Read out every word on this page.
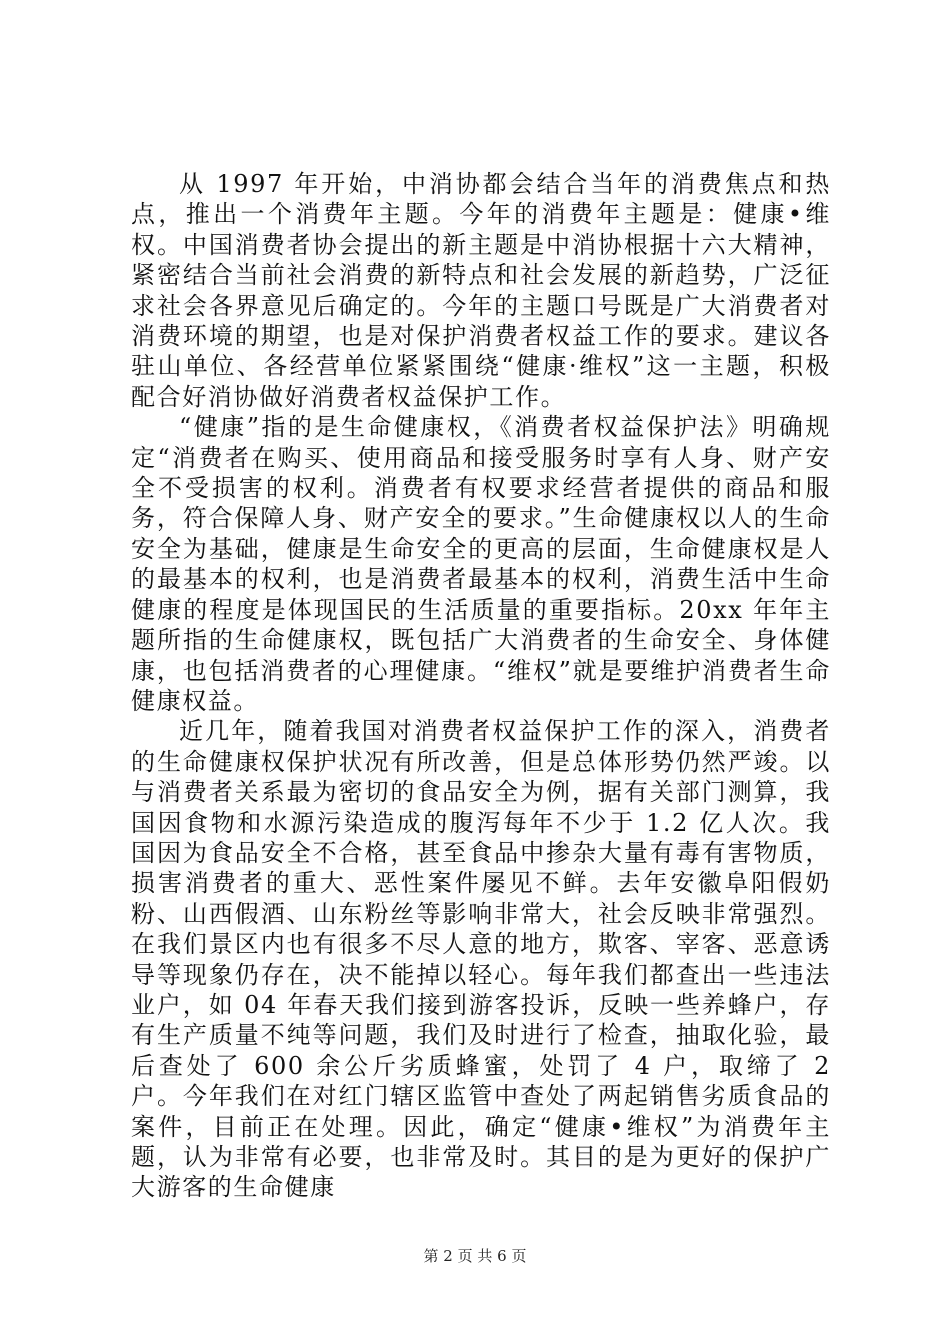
从 1997 年开始，中消协都会结合当年的消费焦点和热点，推出一个消费年主题。今年的消费年主题是：健康•维权。中国消费者协会提出的新主题是中消协根据十六大精神，紧密结合当前社会消费的新特点和社会发展的新趋势，广泛征求社会各界意见后确定的。今年的主题口号既是广大消费者对消费环境的期望，也是对保护消费者权益工作的要求。建议各驻山单位、各经营单位紧紧围绕“健康·维权”这一主题，积极配合好消协做好消费者权益保护工作。

“健康”指的是生命健康权，《消费者权益保护法》明确规定“消费者在购买、使用商品和接受服务时享有人身、财产安全不受损害的权利。消费者有权要求经营者提供的商品和服务，符合保障人身、财产安全的要求。”生命健康权以人的生命安全为基础，健康是生命安全的更高的层面，生命健康权是人的最基本的权利，也是消费者最基本的权利，消费生活中生命健康的程度是体现国民的生活质量的重要指标。20xx 年年主题所指的生命健康权，既包括广大消费者的生命安全、身体健康，也包括消费者的心理健康。“维权”就是要维护消费者生命健康权益。

近几年，随着我国对消费者权益保护工作的深入，消费者的生命健康权保护状况有所改善，但是总体形势仍然严竣。以与消费者关系最为密切的食品安全为例，据有关部门测算，我国因食物和水源污染造成的腹泻每年不少于 1.2 亿人次。我国因为食品安全不合格，甚至食品中掺杂大量有毒有害物质，损害消费者的重大、恶性案件屡见不鲜。去年安徽阜阳假奶粉、山西假酒、山东粉丝等影响非常大，社会反映非常强烈。在我们景区内也有很多不尽人意的地方，欺客、宰客、恶意诱导等现象仍存在，决不能掉以轻心。每年我们都查出一些违法业户，如 04 年春天我们接到游客投诉，反映一些养蜂户，存有生产质量不纯等问题，我们及时进行了检查，抽取化验，最后查处了 600 余公斤劣质蜂蜜，处罚了 4 户，取缔了 2 户。今年我们在对红门辖区监管中查处了两起销售劣质食品的案件，目前正在处理。因此，确定“健康•维权”为消费年主题，认为非常有必要，也非常及时。其目的是为更好的保护广大游客的生命健康

第 2 页 共 6 页
